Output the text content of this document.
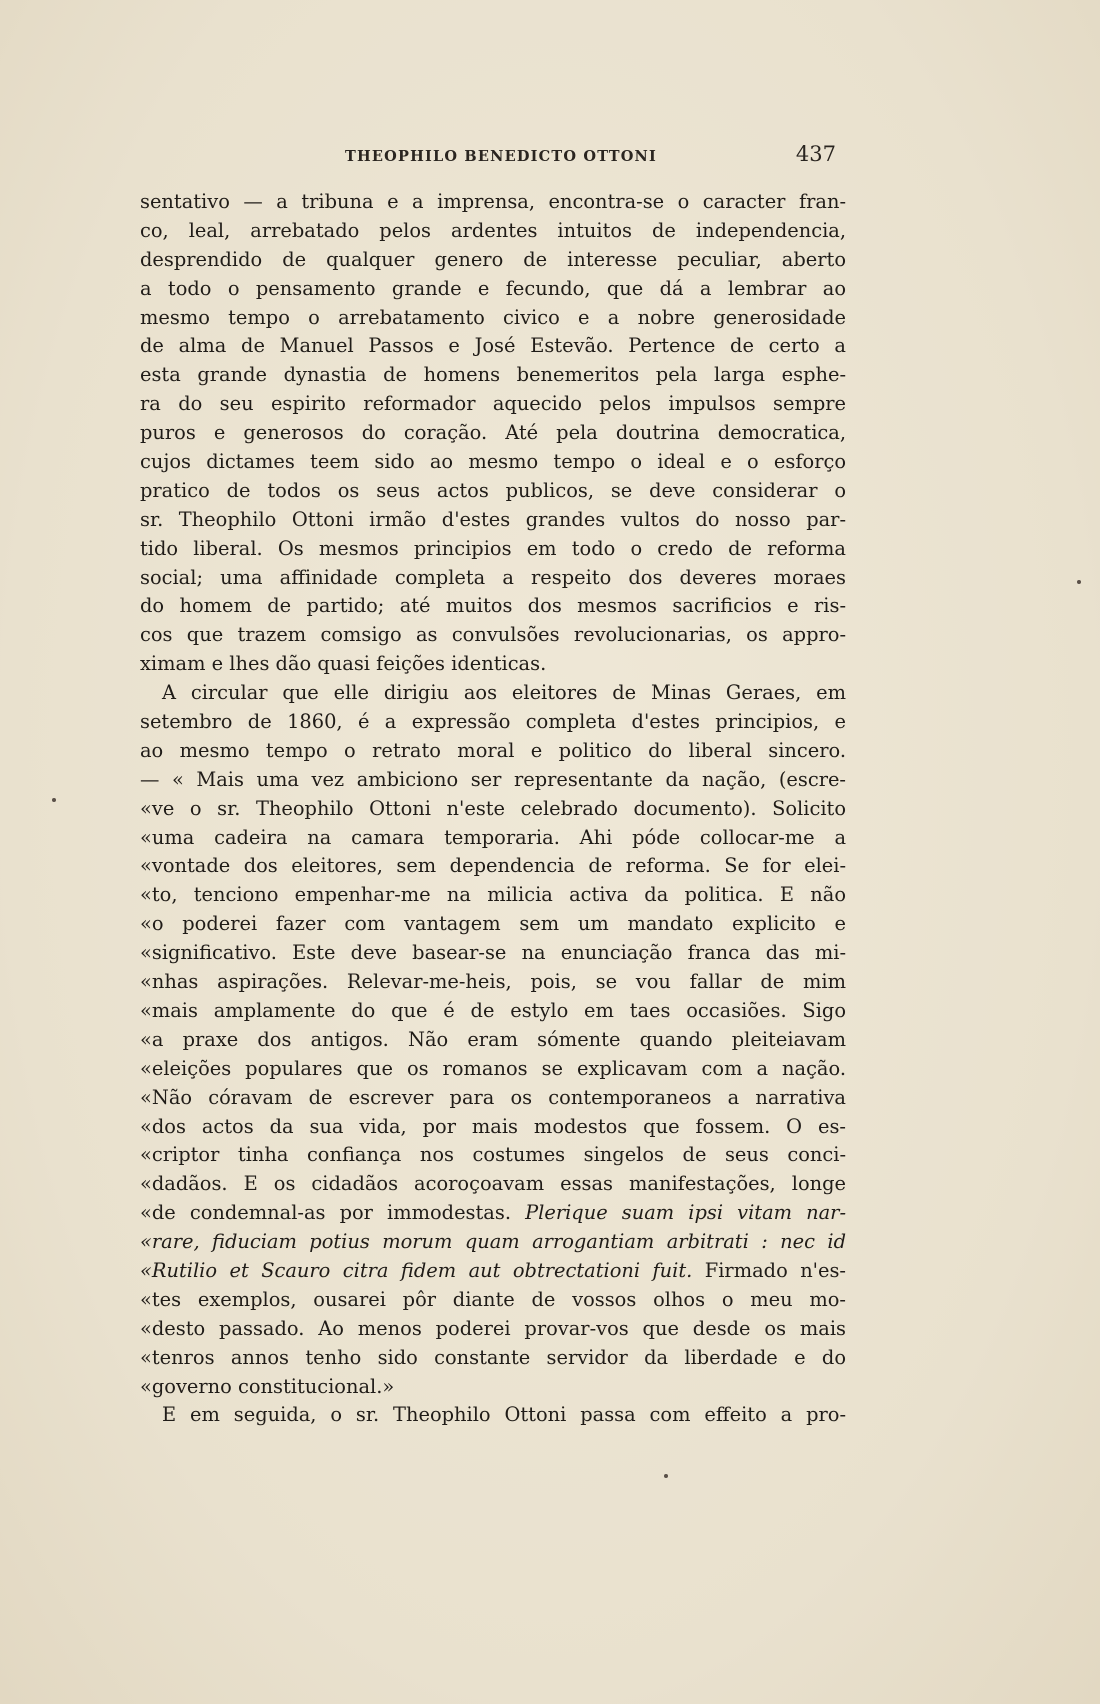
THEOPHILO BENEDICTO OTTONI	437
sentativo — a tribuna e a imprensa, encontra-se o caracter fran-
co, leal, arrebatado pelos ardentes intuitos de independencia,
desprendido de qualquer genero de interesse peculiar, aberto
a todo o pensamento grande e fecundo, que dá a lembrar ao
mesmo tempo o arrebatamento civico e a nobre generosidade
de alma de Manuel Passos e José Estevão. Pertence de certo a
esta grande dynastia de homens benemeritos pela larga esphe-
ra do seu espirito reformador aquecido pelos impulsos sempre
puros e generosos do coração. Até pela doutrina democratica,
cujos dictames teem sido ao mesmo tempo o ideal e o esforço
pratico de todos os seus actos publicos, se deve considerar o
sr. Theophilo Ottoni irmão d'estes grandes vultos do nosso par-
tido liberal. Os mesmos principios em todo o credo de reforma
social; uma affinidade completa a respeito dos deveres moraes
do homem de partido; até muitos dos mesmos sacrificios e ris-
cos que trazem comsigo as convulsões revolucionarias, os appro-
ximam e lhes dão quasi feições identicas.
A circular que elle dirigiu aos eleitores de Minas Geraes, em
setembro de 1860, é a expressão completa d'estes principios, e
ao mesmo tempo o retrato moral e politico do liberal sincero.
— « Mais uma vez ambiciono ser representante da nação, (escre-
«ve o sr. Theophilo Ottoni n'este celebrado documento). Solicito
«uma cadeira na camara temporaria. Ahi póde collocar-me a
«vontade dos eleitores, sem dependencia de reforma. Se for elei-
«to, tenciono empenhar-me na milicia activa da politica. E não
«o poderei fazer com vantagem sem um mandato explicito e
«significativo. Este deve basear-se na enunciação franca das mi-
«nhas aspirações. Relevar-me-heis, pois, se vou fallar de mim
«mais amplamente do que é de estylo em taes occasiões. Sigo
«a praxe dos antigos. Não eram sómente quando pleiteiavam
«eleições populares que os romanos se explicavam com a nação.
«Não córavam de escrever para os contemporaneos a narrativa
«dos actos da sua vida, por mais modestos que fossem. O es-
«criptor tinha confiança nos costumes singelos de seus conci-
«dadãos. E os cidadãos acoroçoavam essas manifestações, longe
«de condemnal-as por immodestas. Plerique suam ipsi vitam nar-
«rare, fiduciam potius morum quam arrogantiam arbitrati : nec id
«Rutilio et Scauro citra fidem aut obtrectationi fuit. Firmado n'es-
«tes exemplos, ousarei pôr diante de vossos olhos o meu mo-
«desto passado. Ao menos poderei provar-vos que desde os mais
«tenros annos tenho sido constante servidor da liberdade e do
«governo constitucional.»
E em seguida, o sr. Theophilo Ottoni passa com effeito a pro-
